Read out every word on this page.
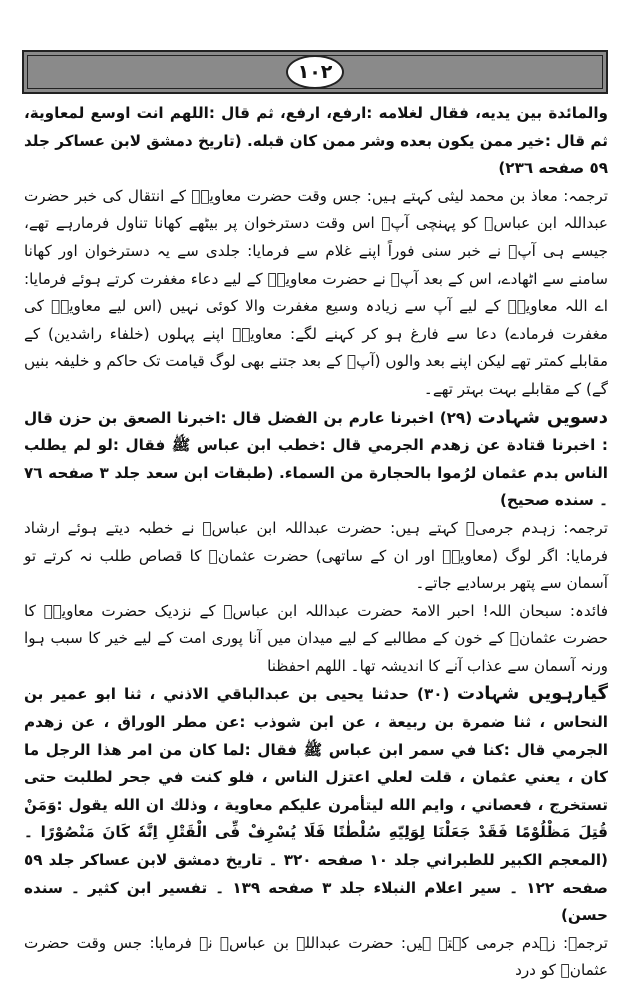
١٠٢

والمائدة بين يديه، فقال لغلامه :ارفع، ارفع، ثم قال :اللهم انت اوسع لمعاوية، ثم قال :خير ممن يكون بعده وشر ممن كان قبله. (تاريخ دمشق لابن عساكر جلد ٥٩ صفحه ٢٣٦)

ترجمہ: معاذ بن محمد لیثی کہتے ہیں: جس وقت حضرت معاویہؓ کے انتقال کی خبر حضرت عبداللہ ابن عباسؓ کو پہنچی آپؓ اس وقت دسترخوان پر بیٹھے کھانا تناول فرمارہے تھے، جیسے ہی آپؓ نے خبر سنی فوراً اپنے غلام سے فرمایا: جلدی سے یہ دسترخوان اور کھانا سامنے سے اٹھادے، اس کے بعد آپؓ نے حضرت معاویہؓ کے لیے دعاء مغفرت کرتے ہوئے فرمایا: اے اللہ معاویہؓ کے لیے آپ سے زیادہ وسیع مغفرت والا کوئی نہیں (اس لیے معاویہؓ کی مغفرت فرمادے) دعا سے فارغ ہو کر کہنے لگے: معاویہؓ اپنے پہلوں (خلفاء راشدین) کے مقابلے کمتر تھے لیکن اپنے بعد والوں (آپؓ کے بعد جتنے بھی لوگ قیامت تک حاکم و خلیفہ بنیں گے) کے مقابلے بہت بہتر تھے۔

دسویں شہادت (٢٩) اخبرنا عارم بن الفضل قال :اخبرنا الصعق بن حزن قال : اخبرنا قتادة عن زهدم الجرمي قال :خطب ابن عباس ﷺ فقال :لو لم يطلب الناس بدم عثمان لرُموا بالحجارة من السماء. (طبقات ابن سعد جلد ٣ صفحه ٧٦ ۔ سنده صحیح)

ترجمہ: زہدم جرمیؒ کہتے ہیں: حضرت عبداللہ ابن عباسؓ نے خطبہ دیتے ہوئے ارشاد فرمایا: اگر لوگ (معاویہؓ اور ان کے ساتھی) حضرت عثمانؓ کا قصاص طلب نہ کرتے تو آسمان سے پتھر برسادیے جاتے۔

فائدہ: سبحان اللہ! احبر الامۃ حضرت عبداللہ ابن عباسؓ کے نزدیک حضرت معاویہؓ کا حضرت عثمانؓ کے خون کے مطالبے کے لیے میدان میں آنا پوری امت کے لیے خیر کا سبب ہوا ورنہ آسمان سے عذاب آنے کا اندیشہ تھا۔ اللهم احفظنا

گیارہویں شہادت (٣٠) حدثنا يحيى بن عبدالباقي الاذني ، ثنا ابو عمير بن النحاس ، ثنا ضمرة بن ربيعة ، عن ابن شوذب :عن مطر الوراق ، عن زهدم الجرمي قال :كنا في سمر ابن عباس ﷺ فقال :لما كان من امر هذا الرجل ما كان ، يعني عثمان ، قلت لعلي اعتزل الناس ، فلو كنت في جحر لطلبت حتى تستخرج ، فعصاني ، وايم الله ليتأمرن عليكم معاوية ، وذلك ان الله يقول :وَمَنْ قُتِلَ مَظْلُوْمًا فَقَدْ جَعَلْنَا لِوَلِيّهِ سُلْطٰنًا فَلَا يُسْرِفْ فِّى الْقَتْلِ اِنَّهٗ كَانَ مَنْصُوْرًا ۔ (المعجم الكبير للطبراني جلد ١٠ صفحه ٣٢٠ ۔ تاريخ دمشق لابن عساكر جلد ٥٩ صفحه ١٢٢ ۔ سير اعلام النبلاء جلد ٣ صفحه ١٣٩ ۔ تفسير ابن كثير ۔ سنده حسن)

ترجمہ: زہدم جرمی کہتے ہیں: حضرت عبداللہ بن عباسؓ نے فرمایا: جس وقت حضرت عثمانؓ کو درد
